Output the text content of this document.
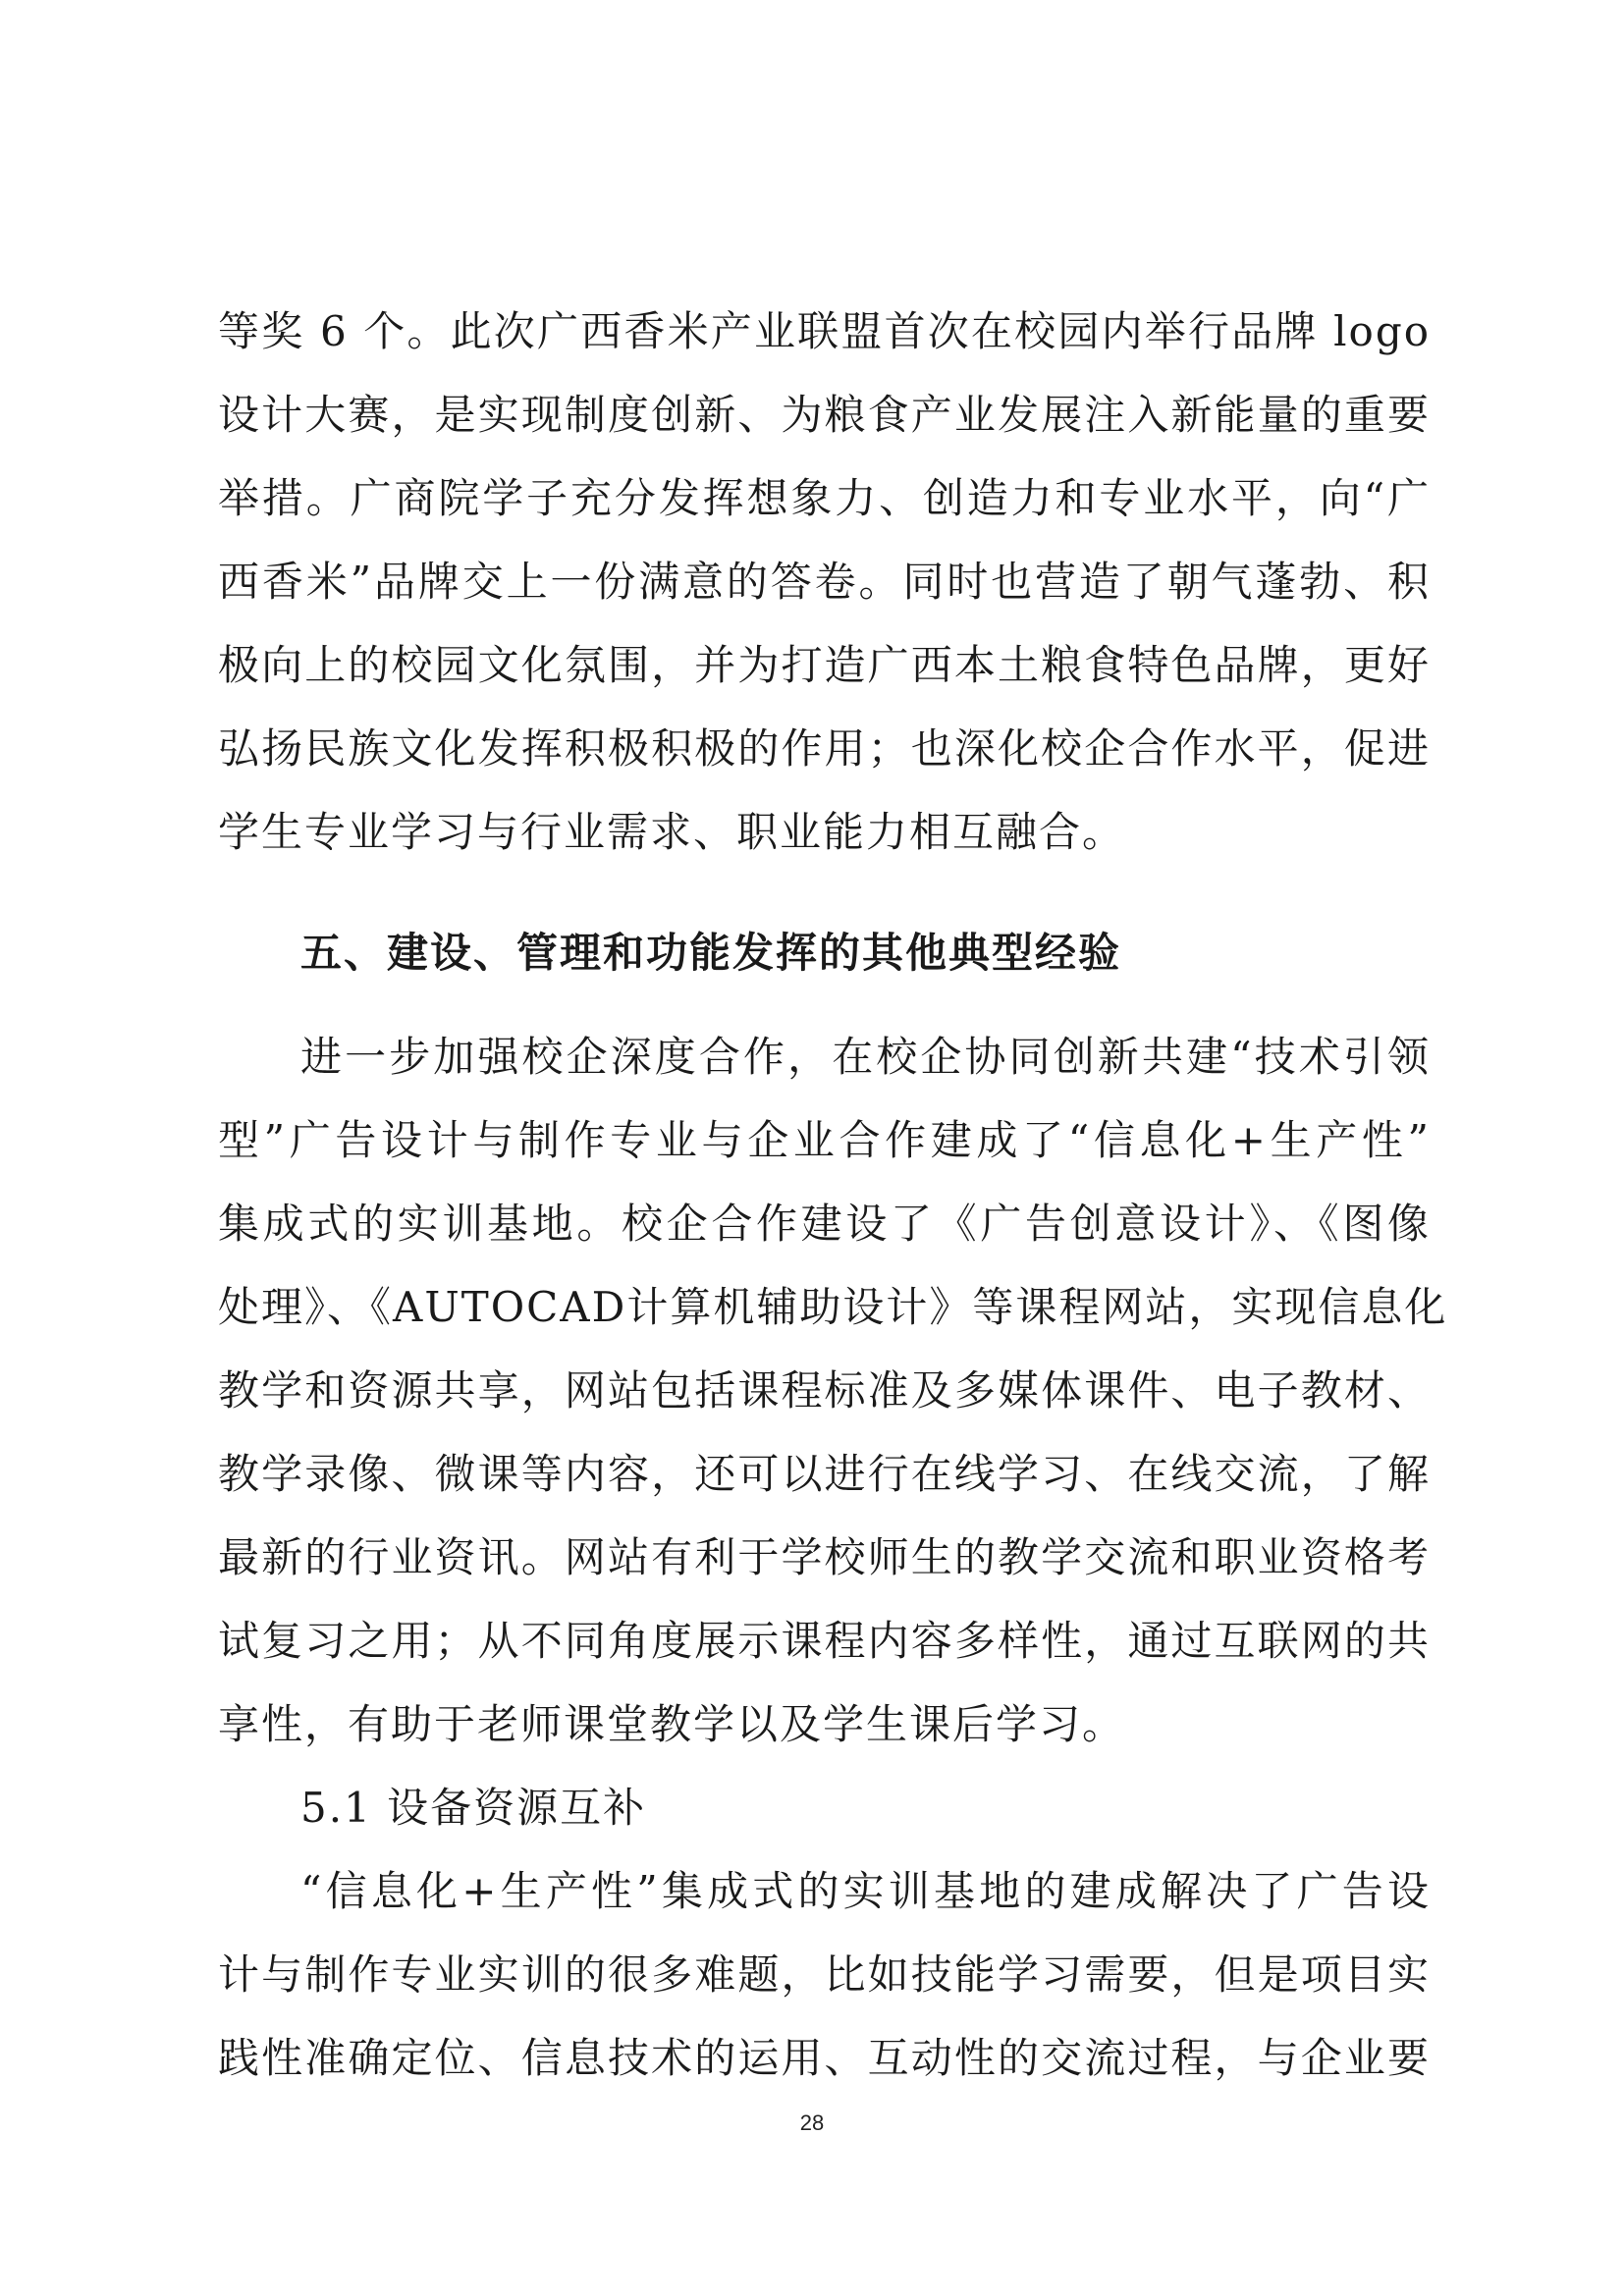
等奖 6 个。此次广西香米产业联盟首次在校园内举行品牌 logo
设计大赛，是实现制度创新、为粮食产业发展注入新能量的重要
举措。广商院学子充分发挥想象力、创造力和专业水平，向“广
西香米”品牌交上一份满意的答卷。同时也营造了朝气蓬勃、积
极向上的校园文化氛围，并为打造广西本土粮食特色品牌，更好
弘扬民族文化发挥积极积极的作用；也深化校企合作水平，促进
学生专业学习与行业需求、职业能力相互融合。
五、建设、管理和功能发挥的其他典型经验
进一步加强校企深度合作，在校企协同创新共建“技术引领
型”广告设计与制作专业与企业合作建成了“信息化+生产性”
集成式的实训基地。校企合作建设了《广告创意设计》、《图像
处理》、《AUTOCAD计算机辅助设计》等课程网站，实现信息化
教学和资源共享，网站包括课程标准及多媒体课件、电子教材、
教学录像、微课等内容，还可以进行在线学习、在线交流，了解
最新的行业资讯。网站有利于学校师生的教学交流和职业资格考
试复习之用；从不同角度展示课程内容多样性，通过互联网的共
享性，有助于老师课堂教学以及学生课后学习。
5.1 设备资源互补
“信息化+生产性”集成式的实训基地的建成解决了广告设
计与制作专业实训的很多难题，比如技能学习需要，但是项目实
践性准确定位、信息技术的运用、互动性的交流过程，与企业要
28
